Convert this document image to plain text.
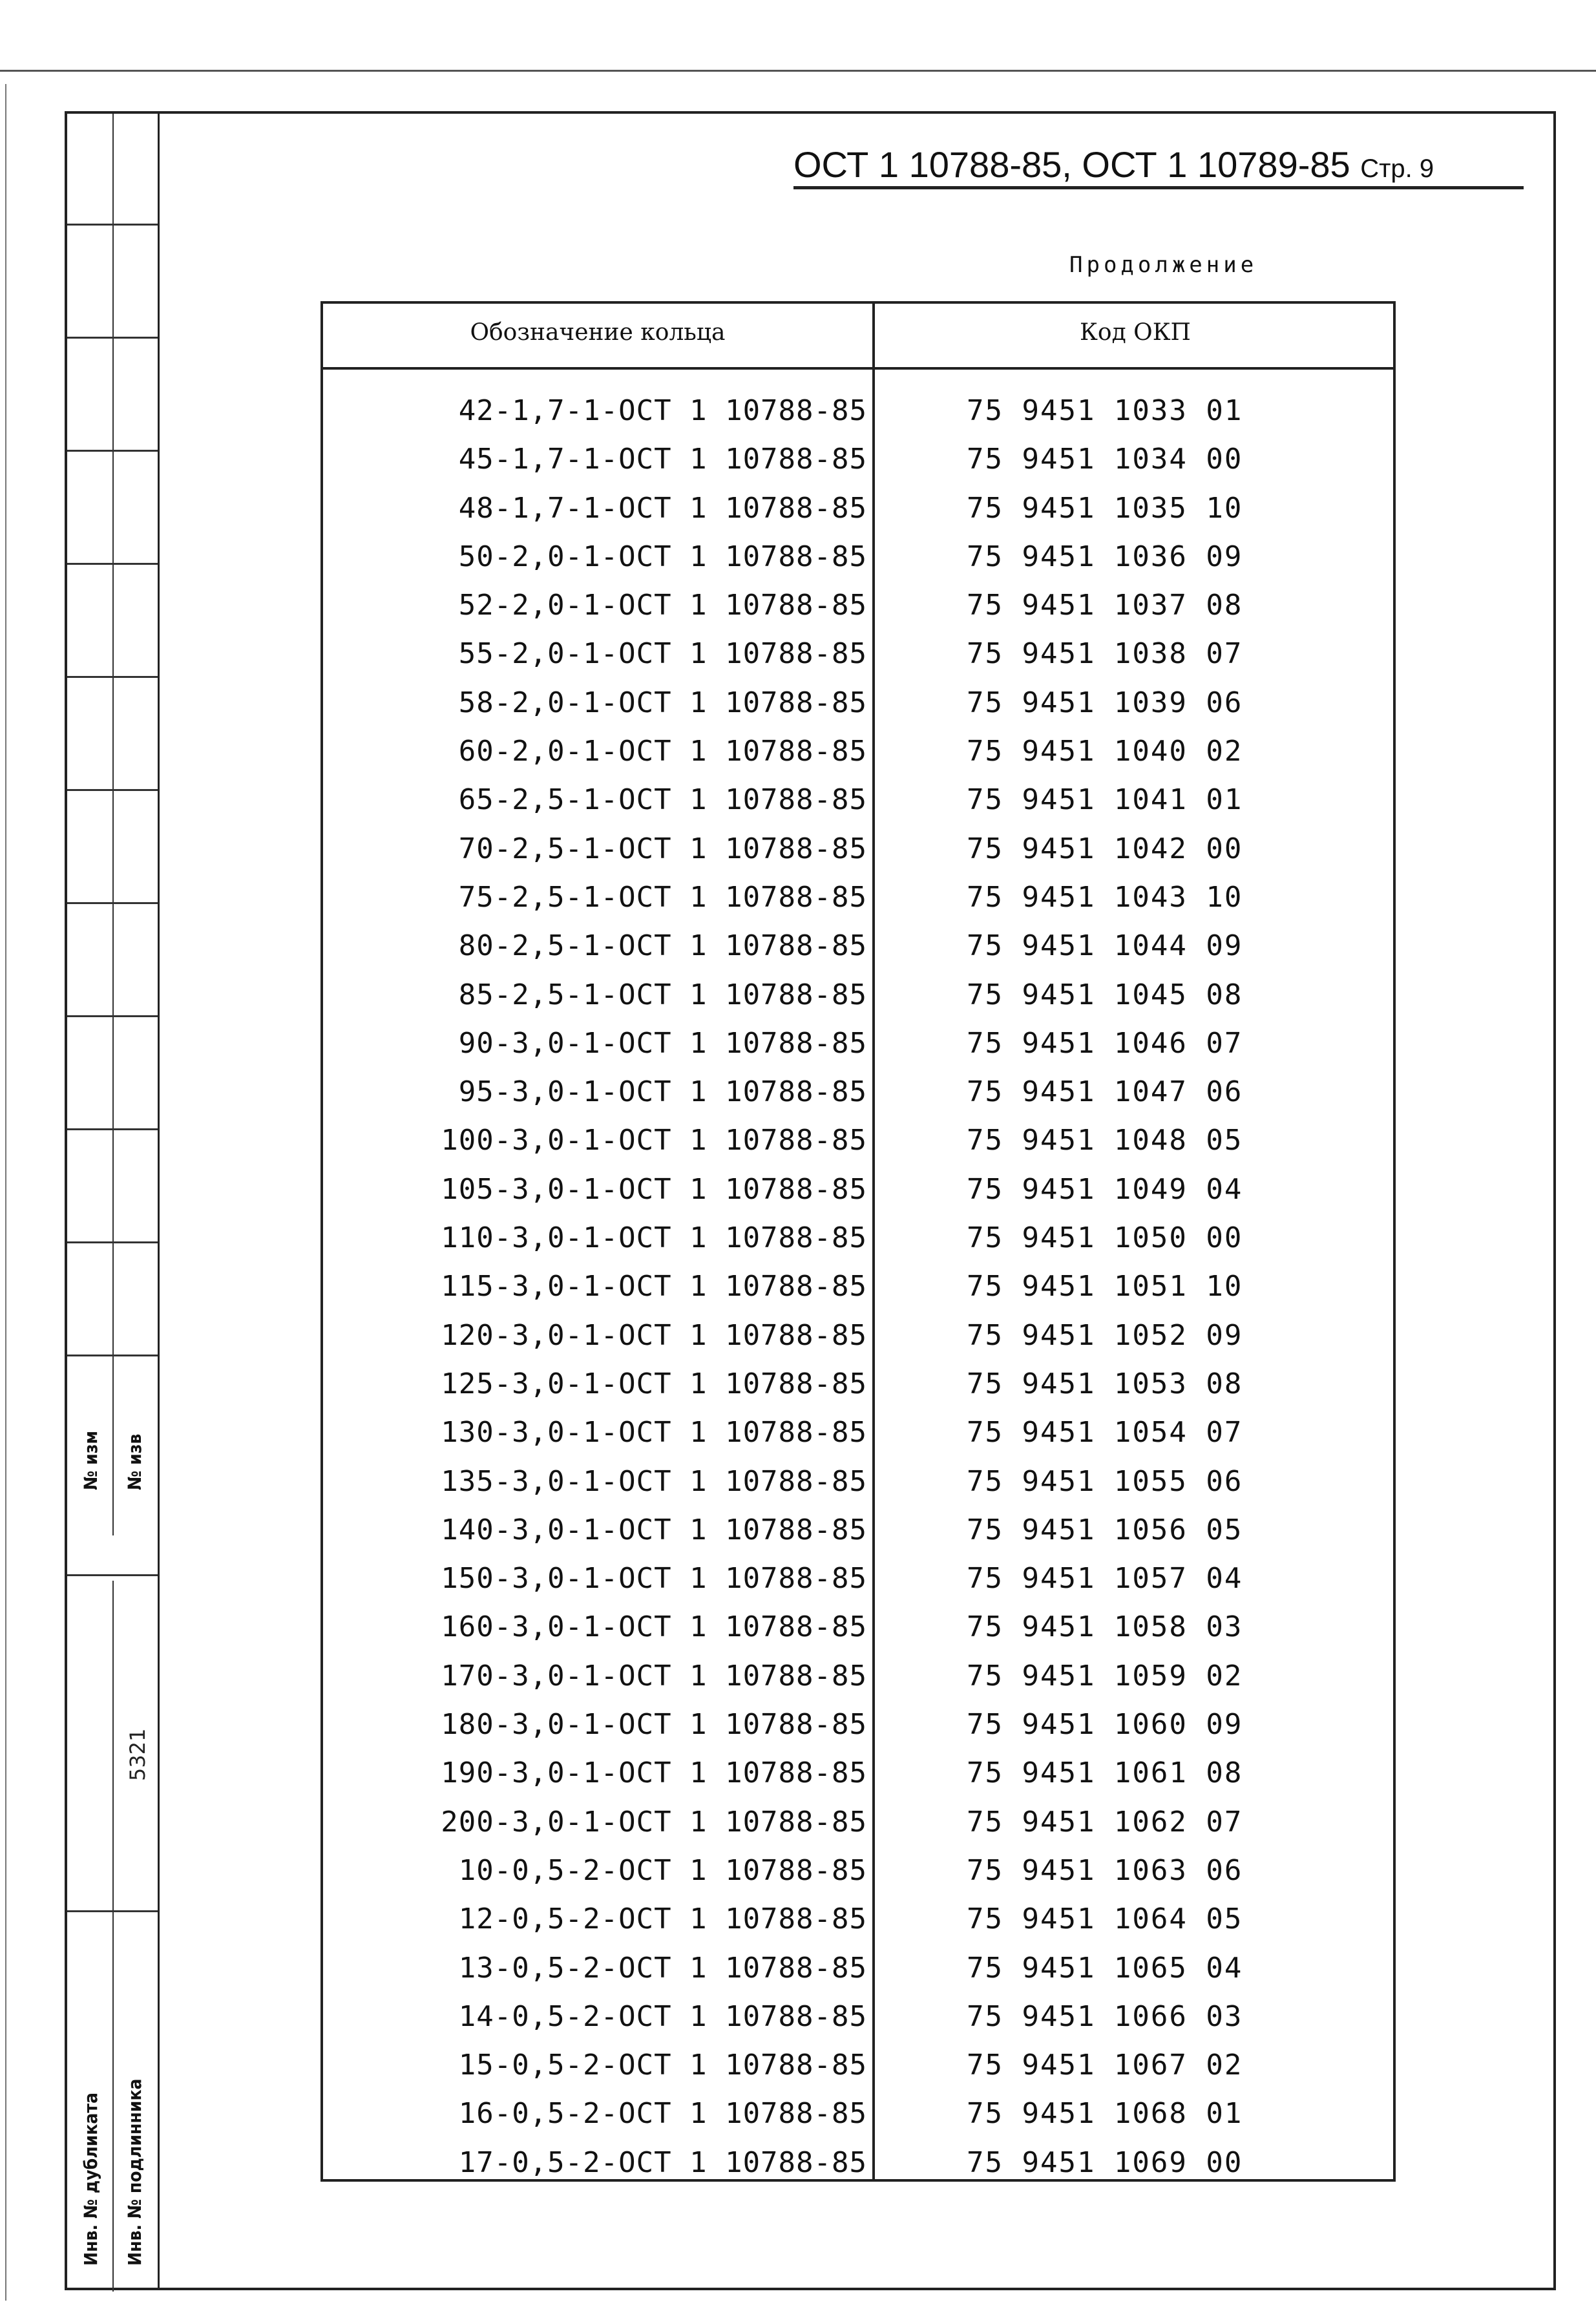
№ изм № изв
5321
Инв. № дубликата Инв. № подлинника
ОСТ 1 10788-85, ОСТ 1 10789-85 Стр. 9
Продолжение
Обозначение кольца	Код ОКП
42-1,7-1-ОСТ 1 10788-85	75 9451 1033 01
45-1,7-1-ОСТ 1 10788-85	75 9451 1034 00
48-1,7-1-ОСТ 1 10788-85	75 9451 1035 10
50-2,0-1-ОСТ 1 10788-85	75 9451 1036 09
52-2,0-1-ОСТ 1 10788-85	75 9451 1037 08
55-2,0-1-ОСТ 1 10788-85	75 9451 1038 07
58-2,0-1-ОСТ 1 10788-85	75 9451 1039 06
60-2,0-1-ОСТ 1 10788-85	75 9451 1040 02
65-2,5-1-ОСТ 1 10788-85	75 9451 1041 01
70-2,5-1-ОСТ 1 10788-85	75 9451 1042 00
75-2,5-1-ОСТ 1 10788-85	75 9451 1043 10
80-2,5-1-ОСТ 1 10788-85	75 9451 1044 09
85-2,5-1-ОСТ 1 10788-85	75 9451 1045 08
90-3,0-1-ОСТ 1 10788-85	75 9451 1046 07
95-3,0-1-ОСТ 1 10788-85	75 9451 1047 06
100-3,0-1-ОСТ 1 10788-85	75 9451 1048 05
105-3,0-1-ОСТ 1 10788-85	75 9451 1049 04
110-3,0-1-ОСТ 1 10788-85	75 9451 1050 00
115-3,0-1-ОСТ 1 10788-85	75 9451 1051 10
120-3,0-1-ОСТ 1 10788-85	75 9451 1052 09
125-3,0-1-ОСТ 1 10788-85	75 9451 1053 08
130-3,0-1-ОСТ 1 10788-85	75 9451 1054 07
135-3,0-1-ОСТ 1 10788-85	75 9451 1055 06
140-3,0-1-ОСТ 1 10788-85	75 9451 1056 05
150-3,0-1-ОСТ 1 10788-85	75 9451 1057 04
160-3,0-1-ОСТ 1 10788-85	75 9451 1058 03
170-3,0-1-ОСТ 1 10788-85	75 9451 1059 02
180-3,0-1-ОСТ 1 10788-85	75 9451 1060 09
190-3,0-1-ОСТ 1 10788-85	75 9451 1061 08
200-3,0-1-ОСТ 1 10788-85	75 9451 1062 07
10-0,5-2-ОСТ 1 10788-85	75 9451 1063 06
12-0,5-2-ОСТ 1 10788-85	75 9451 1064 05
13-0,5-2-ОСТ 1 10788-85	75 9451 1065 04
14-0,5-2-ОСТ 1 10788-85	75 9451 1066 03
15-0,5-2-ОСТ 1 10788-85	75 9451 1067 02
16-0,5-2-ОСТ 1 10788-85	75 9451 1068 01
17-0,5-2-ОСТ 1 10788-85	75 9451 1069 00
